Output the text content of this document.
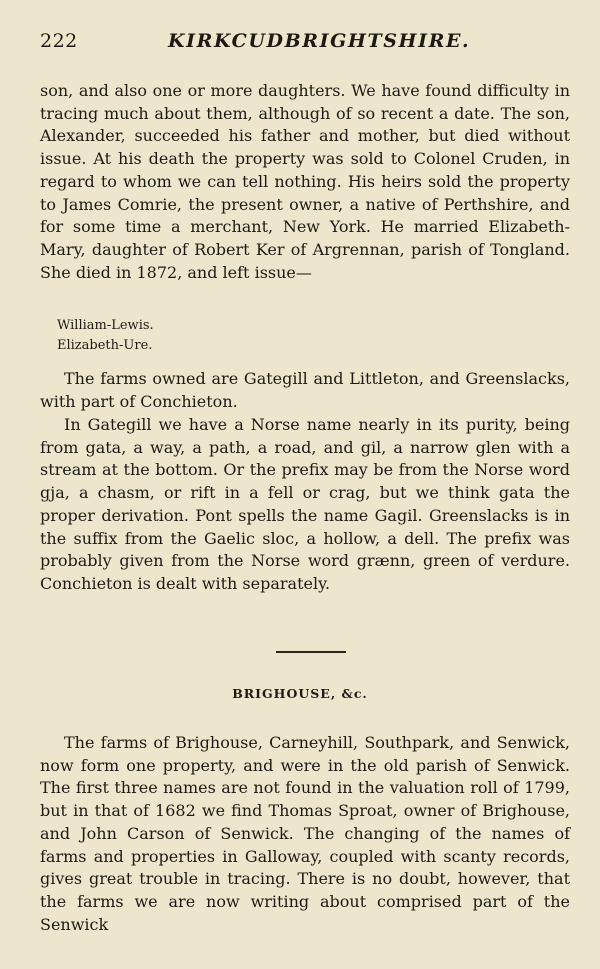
222	KIRKCUDBRIGHTSHIRE.

son, and also one or more daughters. We have found difficulty in tracing much about them, although of so recent a date. The son, Alexander, succeeded his father and mother, but died without issue. At his death the property was sold to Colonel Cruden, in regard to whom we can tell nothing. His heirs sold the property to James Comrie, the present owner, a native of Perthshire, and for some time a merchant, New York. He married Elizabeth-Mary, daughter of Robert Ker of Argrennan, parish of Tongland. She died in 1872, and left issue—

William-Lewis.
Elizabeth-Ure.

The farms owned are Gategill and Littleton, and Greenslacks, with part of Conchieton.

In Gategill we have a Norse name nearly in its purity, being from gata, a way, a path, a road, and gil, a narrow glen with a stream at the bottom. Or the prefix may be from the Norse word gja, a chasm, or rift in a fell or crag, but we think gata the proper derivation. Pont spells the name Gagil. Greenslacks is in the suffix from the Gaelic sloc, a hollow, a dell. The prefix was probably given from the Norse word grænn, green of verdure. Conchieton is dealt with separately.

BRIGHOUSE, &c.

The farms of Brighouse, Carneyhill, Southpark, and Senwick, now form one property, and were in the old parish of Senwick. The first three names are not found in the valuation roll of 1799, but in that of 1682 we find Thomas Sproat, owner of Brighouse, and John Carson of Senwick. The changing of the names of farms and properties in Galloway, coupled with scanty records, gives great trouble in tracing. There is no doubt, however, that the farms we are now writing about comprised part of the Senwick
